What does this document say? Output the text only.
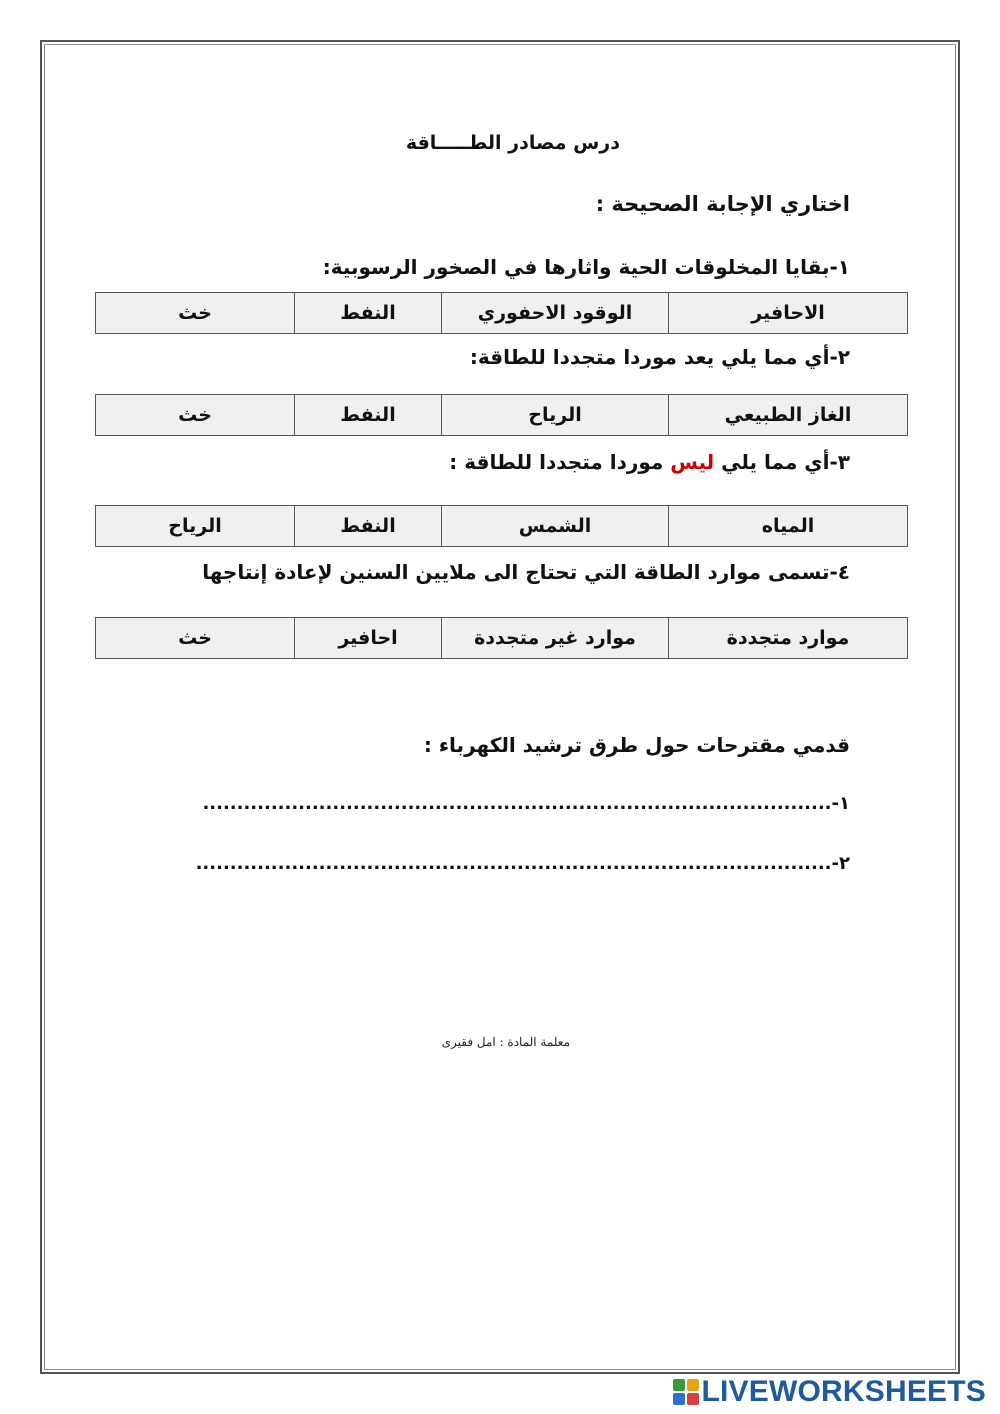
درس مصادر الطـــــاقة
اختاري الإجابة الصحيحة :
١-بقايا المخلوقات الحية واثارها في الصخور الرسوبية:
الاحافير	الوقود الاحفوري	النفط	خث
٢-أي مما يلي يعد موردا متجددا للطاقة:
الغاز الطبيعي	الرياح	النفط	خث
٣-أي مما يلي ليس موردا متجددا للطاقة :
المياه	الشمس	النفط	الرياح
٤-تسمى موارد الطاقة التي تحتاج الى ملايين السنين لإعادة إنتاجها
موارد متجددة	موارد غير متجددة	احافير	خث
قدمي مقترحات حول طرق ترشيد الكهرباء :
١-............................................................................................
٢-.............................................................................................
معلمة المادة : امل فقيرى
LIVEWORKSHEETS
